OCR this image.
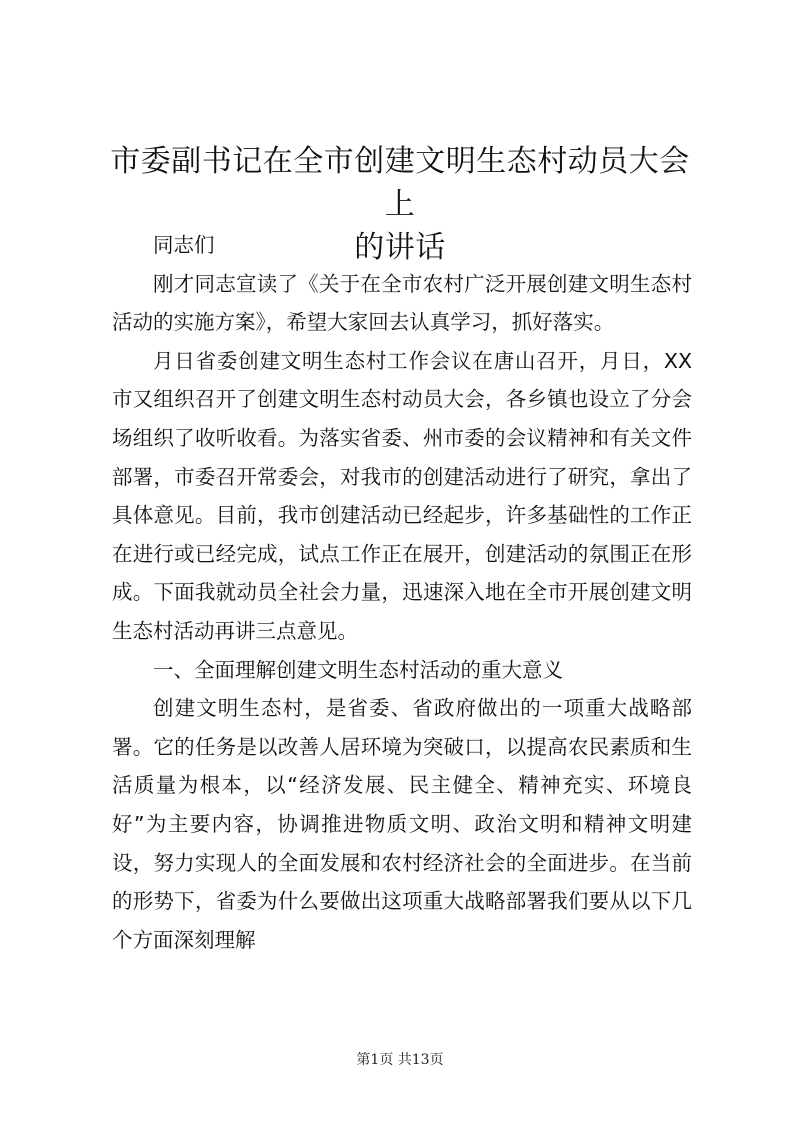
市委副书记在全市创建文明生态村动员大会上
的讲话

同志们

刚才同志宣读了《关于在全市农村广泛开展创建文明生态村活动的实施方案》，希望大家回去认真学习，抓好落实。

月日省委创建文明生态村工作会议在唐山召开，月日，XX市又组织召开了创建文明生态村动员大会，各乡镇也设立了分会场组织了收听收看。为落实省委、州市委的会议精神和有关文件部署，市委召开常委会，对我市的创建活动进行了研究，拿出了具体意见。目前，我市创建活动已经起步，许多基础性的工作正在进行或已经完成，试点工作正在展开，创建活动的氛围正在形成。下面我就动员全社会力量，迅速深入地在全市开展创建文明生态村活动再讲三点意见。

一、全面理解创建文明生态村活动的重大意义

创建文明生态村，是省委、省政府做出的一项重大战略部署。它的任务是以改善人居环境为突破口，以提高农民素质和生活质量为根本，以“经济发展、民主健全、精神充实、环境良好”为主要内容，协调推进物质文明、政治文明和精神文明建设，努力实现人的全面发展和农村经济社会的全面进步。在当前的形势下，省委为什么要做出这项重大战略部署我们要从以下几个方面深刻理解

第1页 共13页
